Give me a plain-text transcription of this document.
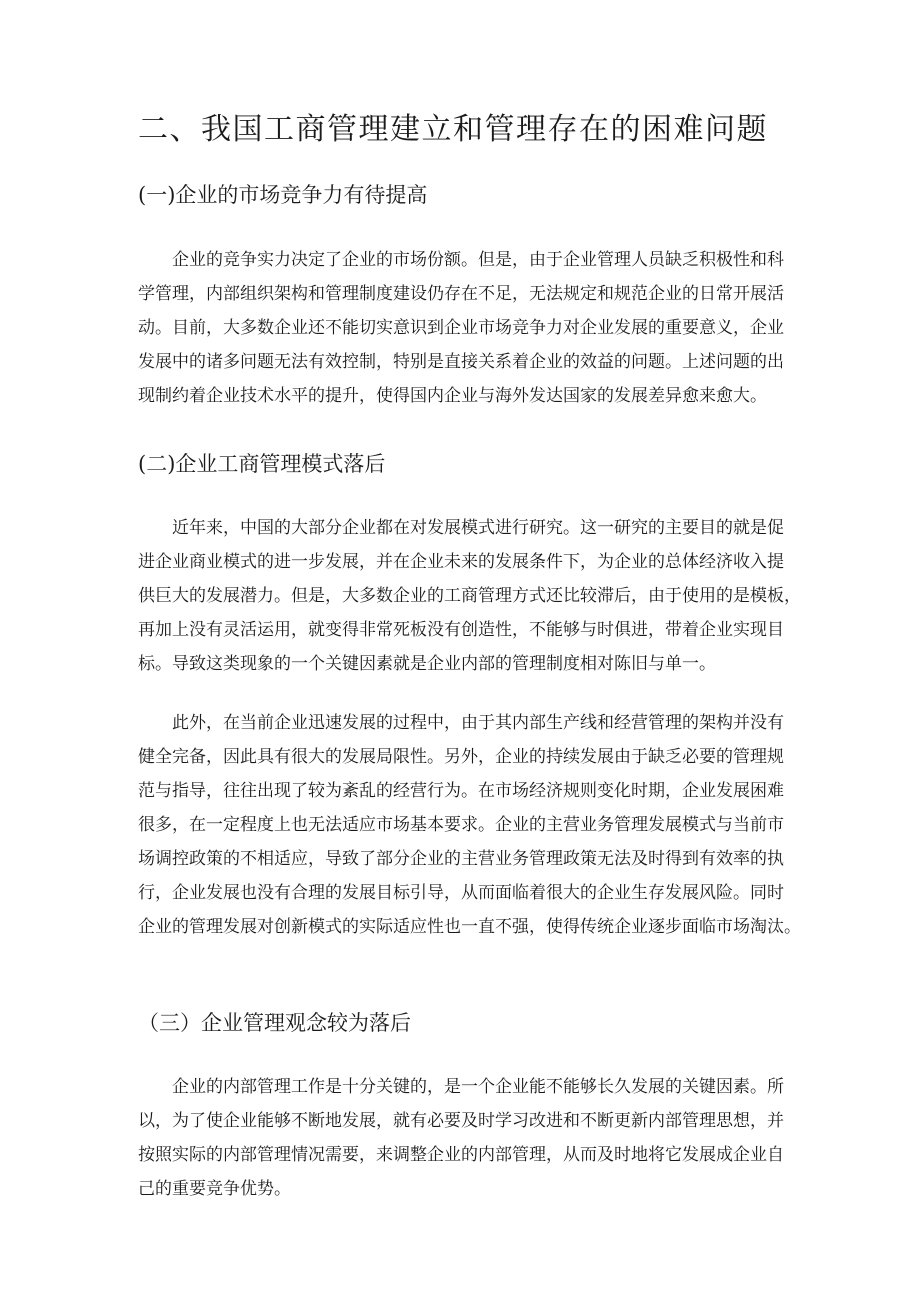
二、我国工商管理建立和管理存在的困难问题
(一)企业的市场竞争力有待提高
企业的竞争实力决定了企业的市场份额。但是，由于企业管理人员缺乏积极性和科
学管理，内部组织架构和管理制度建设仍存在不足，无法规定和规范企业的日常开展活
动。目前，大多数企业还不能切实意识到企业市场竞争力对企业发展的重要意义，企业
发展中的诸多问题无法有效控制，特别是直接关系着企业的效益的问题。上述问题的出
现制约着企业技术水平的提升，使得国内企业与海外发达国家的发展差异愈来愈大。
(二)企业工商管理模式落后
近年来，中国的大部分企业都在对发展模式进行研究。这一研究的主要目的就是促
进企业商业模式的进一步发展，并在企业未来的发展条件下，为企业的总体经济收入提
供巨大的发展潜力。但是，大多数企业的工商管理方式还比较滞后，由于使用的是模板，
再加上没有灵活运用，就变得非常死板没有创造性，不能够与时俱进，带着企业实现目
标。导致这类现象的一个关键因素就是企业内部的管理制度相对陈旧与单一。
此外，在当前企业迅速发展的过程中，由于其内部生产线和经营管理的架构并没有
健全完备，因此具有很大的发展局限性。另外，企业的持续发展由于缺乏必要的管理规
范与指导，往往出现了较为紊乱的经营行为。在市场经济规则变化时期，企业发展困难
很多，在一定程度上也无法适应市场基本要求。企业的主营业务管理发展模式与当前市
场调控政策的不相适应，导致了部分企业的主营业务管理政策无法及时得到有效率的执
行，企业发展也没有合理的发展目标引导，从而面临着很大的企业生存发展风险。同时
企业的管理发展对创新模式的实际适应性也一直不强，使得传统企业逐步面临市场淘汰。
（三）企业管理观念较为落后
企业的内部管理工作是十分关键的，是一个企业能不能够长久发展的关键因素。所
以，为了使企业能够不断地发展，就有必要及时学习改进和不断更新内部管理思想，并
按照实际的内部管理情况需要，来调整企业的内部管理，从而及时地将它发展成企业自
己的重要竞争优势。
